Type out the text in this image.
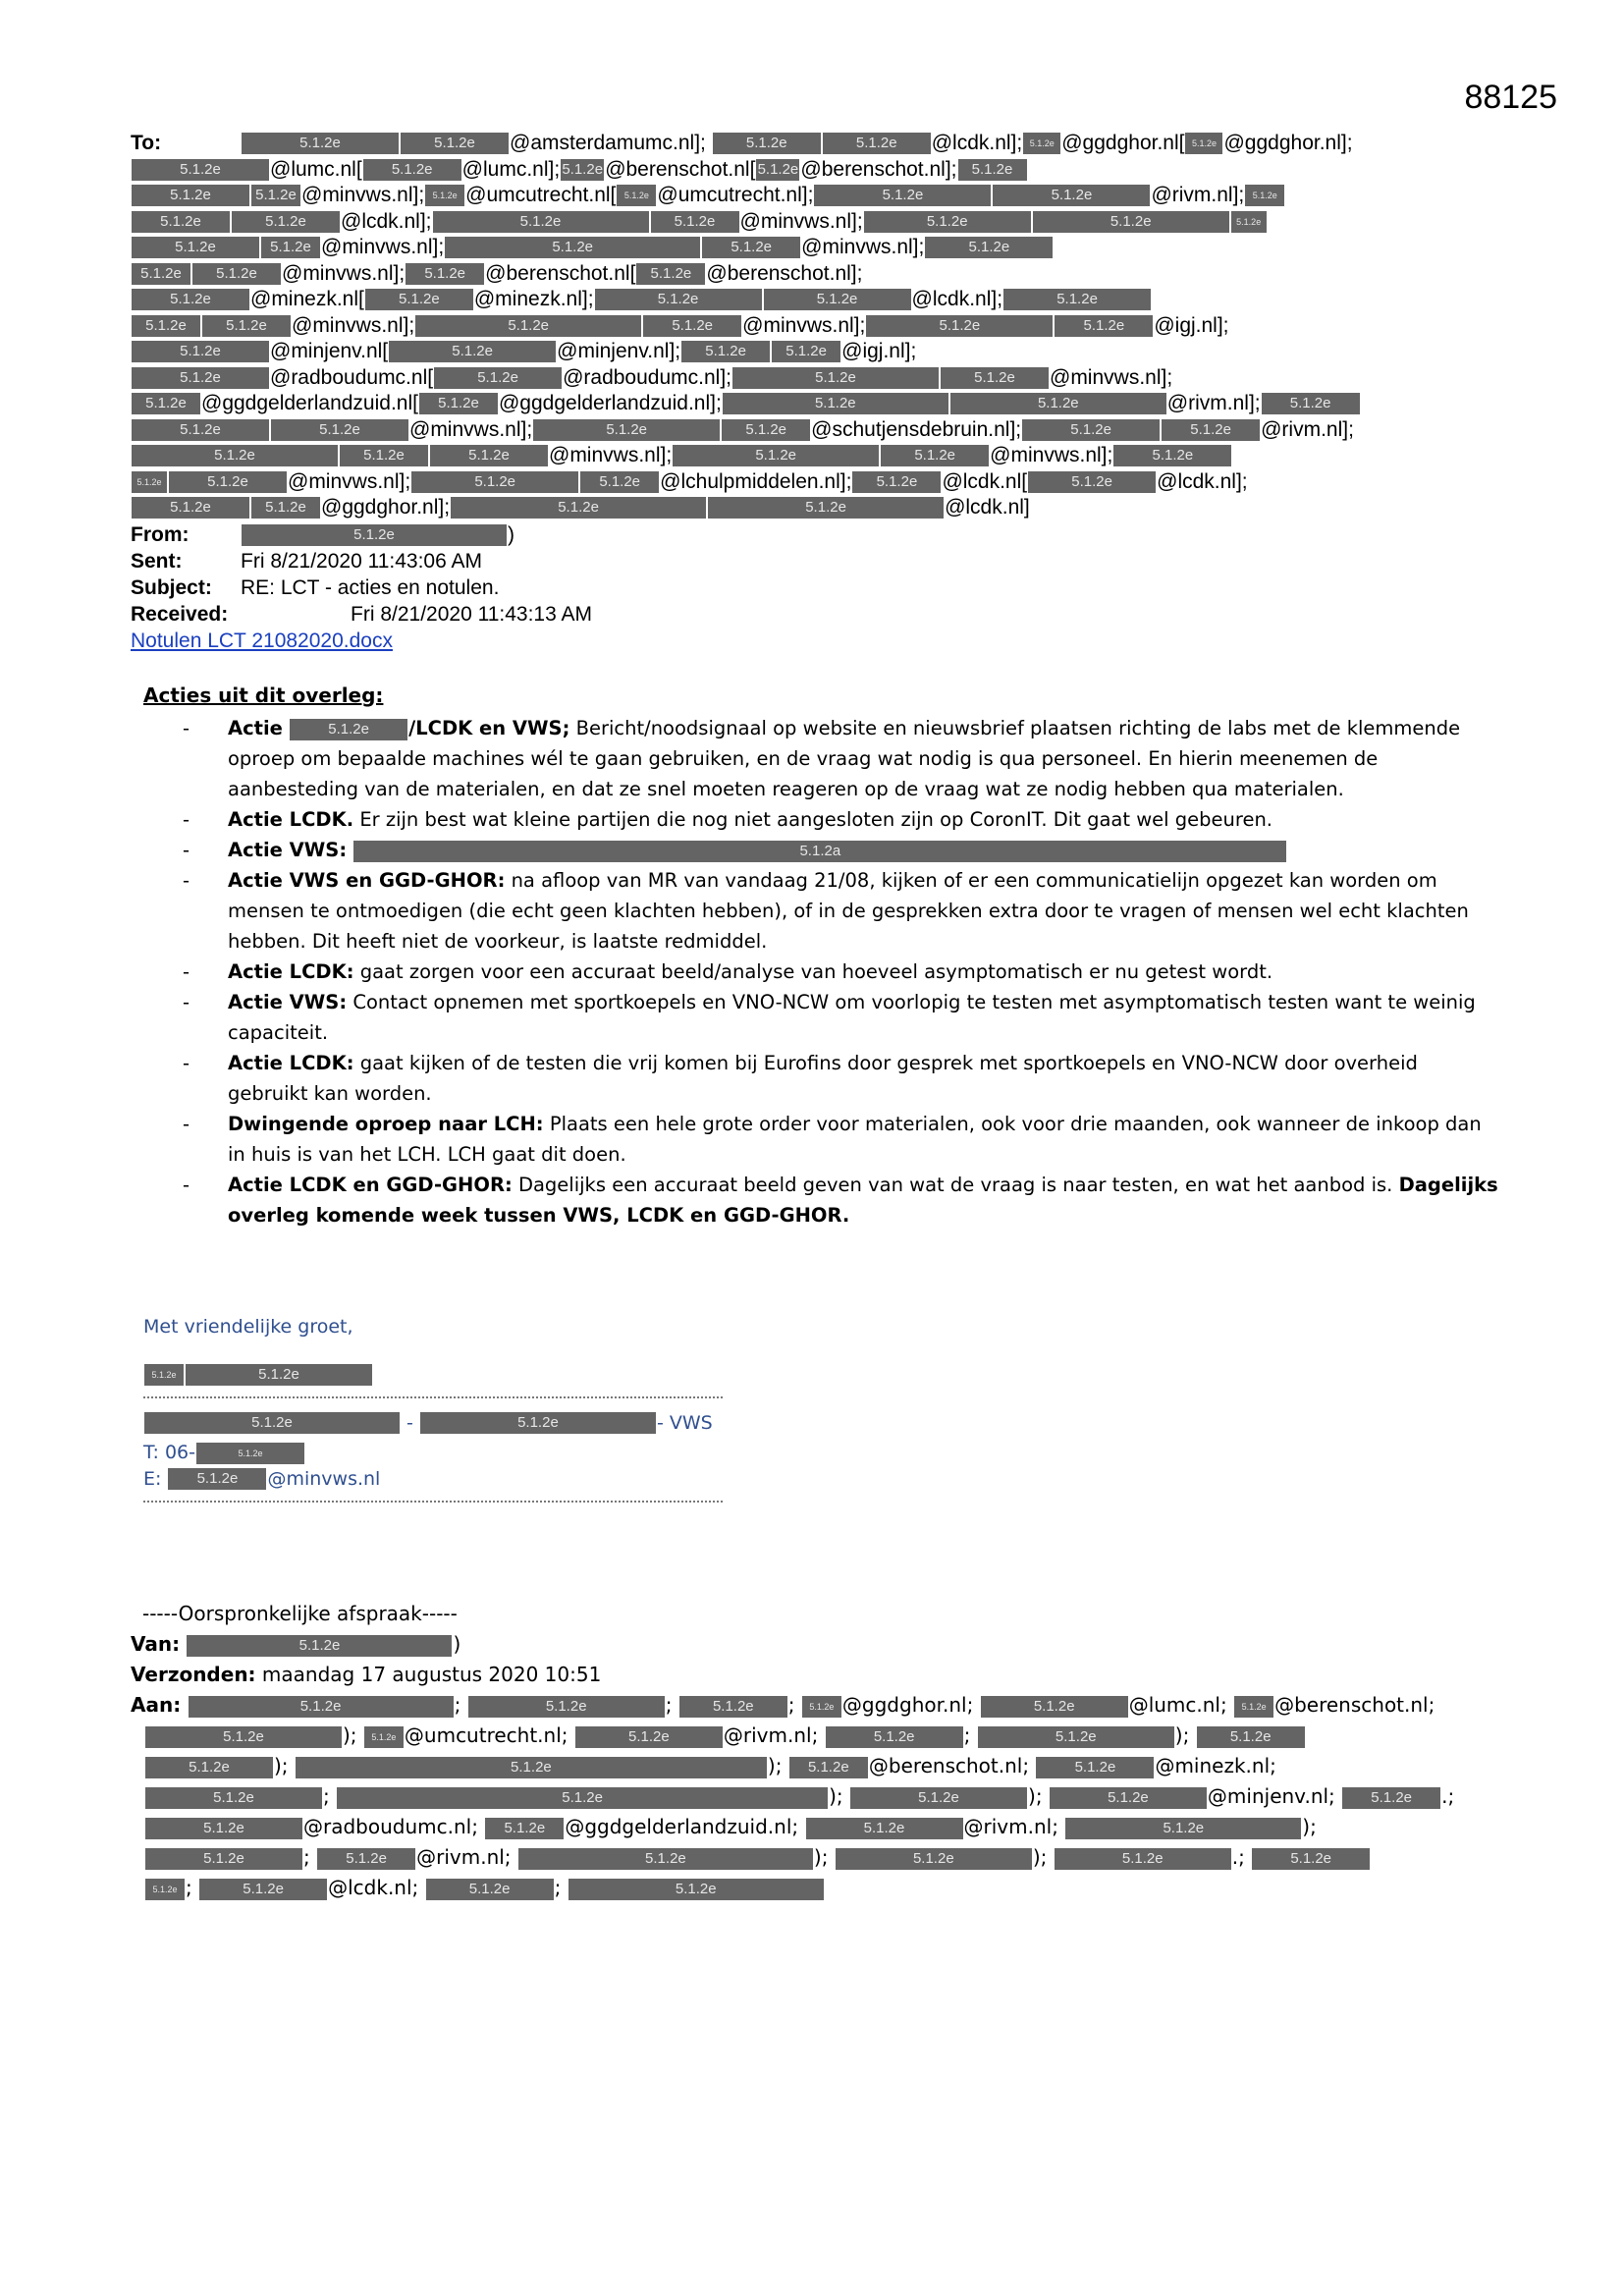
88125
To:	5.1.2e	5.1.2e @amsterdamumc.nl];	5.1.2e	5.1.2e @lcdk.nl]; 5.1.2e @ggdghor.nl[ 5.1.2e @ggdghor.nl];
5.1.2e @lumc.nl[ 5.1.2e @lumc.nl]; 5.1.2e @berenschot.nl[ 5.1.2e @berenschot.nl]; 5.1.2e
5.1.2e	5.1.2e @minvws.nl]; 5.1.2e @umcutrecht.nl[ 5.1.2e @umcutrecht.nl];	5.1.2e	5.1.2e	@rivm.nl]; 5.1.2e
5.1.2e	5.1.2e @lcdk.nl];	5.1.2e	5.1.2e @minvws.nl];	5.1.2e	5.1.2e	5.1.2e
5.1.2e	5.1.2e @minvws.nl];	5.1.2e	5.1.2e @minvws.nl];	5.1.2e
5.1.2e 5.1.2e @minvws.nl]; 5.1.2e @berenschot.nl[ 5.1.2e @berenschot.nl];
5.1.2e @minezk.nl[ 5.1.2e @minezk.nl];	5.1.2e	5.1.2e	@lcdk.nl];	5.1.2e
5.1.2e	5.1.2e @minvws.nl];	5.1.2e	5.1.2e @minvws.nl];	5.1.2e	5.1.2e @igj.nl];
5.1.2e @minjenv.nl[	5.1.2e	@minjenv.nl]; 5.1.2e	5.1.2e @igj.nl];
5.1.2e @radboudumc.nl[	5.1.2e @radboudumc.nl];	5.1.2e	5.1.2e @minvws.nl];
5.1.2e @ggdgelderlandzuid.nl[ 5.1.2e @ggdgelderlandzuid.nl];	5.1.2e	5.1.2e	@rivm.nl]; 5.1.2e
5.1.2e	5.1.2e @minvws.nl];	5.1.2e	5.1.2e @schutjensdebruin.nl];	5.1.2e	5.1.2e @rivm.nl];
5.1.2e	5.1.2e	5.1.2e @minvws.nl];	5.1.2e	5.1.2e @minvws.nl];	5.1.2e
5.1.2e	5.1.2e @minvws.nl];	5.1.2e	5.1.2e @lchulpmiddelen.nl]; 5.1.2e @lcdk.nl[	5.1.2e @lcdk.nl];
5.1.2e	5.1.2e @ggdghor.nl];	5.1.2e	5.1.2e	@lcdk.nl]
From:	5.1.2e	)
Sent:	Fri 8/21/2020 11:43:06 AM
Subject: RE: LCT - acties en notulen.
Received:	Fri 8/21/2020 11:43:13 AM
Notulen LCT 21082020.docx
Acties uit dit overleg:
- Actie	5.1.2e /LCDK en VWS; Bericht/noodsignaal op website en nieuwsbrief plaatsen richting de labs met de klemmende oproep om bepaalde machines wél te gaan gebruiken, en de vraag wat nodig is qua personeel. En hierin meenemen de aanbesteding van de materialen, en dat ze snel moeten reageren op de vraag wat ze nodig hebben qua materialen.
- Actie LCDK. Er zijn best wat kleine partijen die nog niet aangesloten zijn op CoronIT. Dit gaat wel gebeuren.
- Actie VWS:	5.1.2a
- Actie VWS en GGD-GHOR: na afloop van MR van vandaag 21/08, kijken of er een communicatielijn opgezet kan worden om mensen te ontmoedigen (die echt geen klachten hebben), of in de gesprekken extra door te vragen of mensen wel echt klachten hebben. Dit heeft niet de voorkeur, is laatste redmiddel.
- Actie LCDK: gaat zorgen voor een accuraat beeld/analyse van hoeveel asymptomatisch er nu getest wordt.
- Actie VWS: Contact opnemen met sportkoepels en VNO-NCW om voorlopig te testen met asymptomatisch testen want te weinig capaciteit.
- Actie LCDK: gaat kijken of de testen die vrij komen bij Eurofins door gesprek met sportkoepels en VNO-NCW door overheid gebruikt kan worden.
- Dwingende oproep naar LCH: Plaats een hele grote order voor materialen, ook voor drie maanden, ook wanneer de inkoop dan in huis is van het LCH. LCH gaat dit doen.
- Actie LCDK en GGD-GHOR: Dagelijks een accuraat beeld geven van wat de vraag is naar testen, en wat het aanbod is. Dagelijks overleg komende week tussen VWS, LCDK en GGD-GHOR.
Met vriendelijke groet,
5.1.2e	5.1.2e
5.1.2e	-	5.1.2e	- VWS
T: 06-	5.1.2e
E: 5.1.2e @minvws.nl
-----Oorspronkelijke afspraak-----
Van:	5.1.2e	)
Verzonden: maandag 17 augustus 2020 10:51
Aan:	5.1.2e	;	5.1.2e	; 5.1.2e ; 5.1.2e @ggdghor.nl;	5.1.2e	@lumc.nl; 5.1.2e @berenschot.nl;
5.1.2e	); 5.1.2e @umcutrecht.nl;	5.1.2e	@rivm.nl;	5.1.2e	;	5.1.2e	); 5.1.2e
5.1.2e );	5.1.2e	); 5.1.2e @berenschot.nl;	5.1.2e @minezk.nl;
5.1.2e	;	5.1.2e	);	5.1.2e	);	5.1.2e	@minjenv.nl; 5.1.2e .;
5.1.2e	@radboudumc.nl; 5.1.2e @ggdgelderlandzuid.nl;	5.1.2e	@rivm.nl;	5.1.2e	);
5.1.2e	; 5.1.2e @rivm.nl;	5.1.2e	);	5.1.2e	);	5.1.2e	.;	5.1.2e
5.1.2e ;	5.1.2e @lcdk.nl;	5.1.2e ;	5.1.2e
